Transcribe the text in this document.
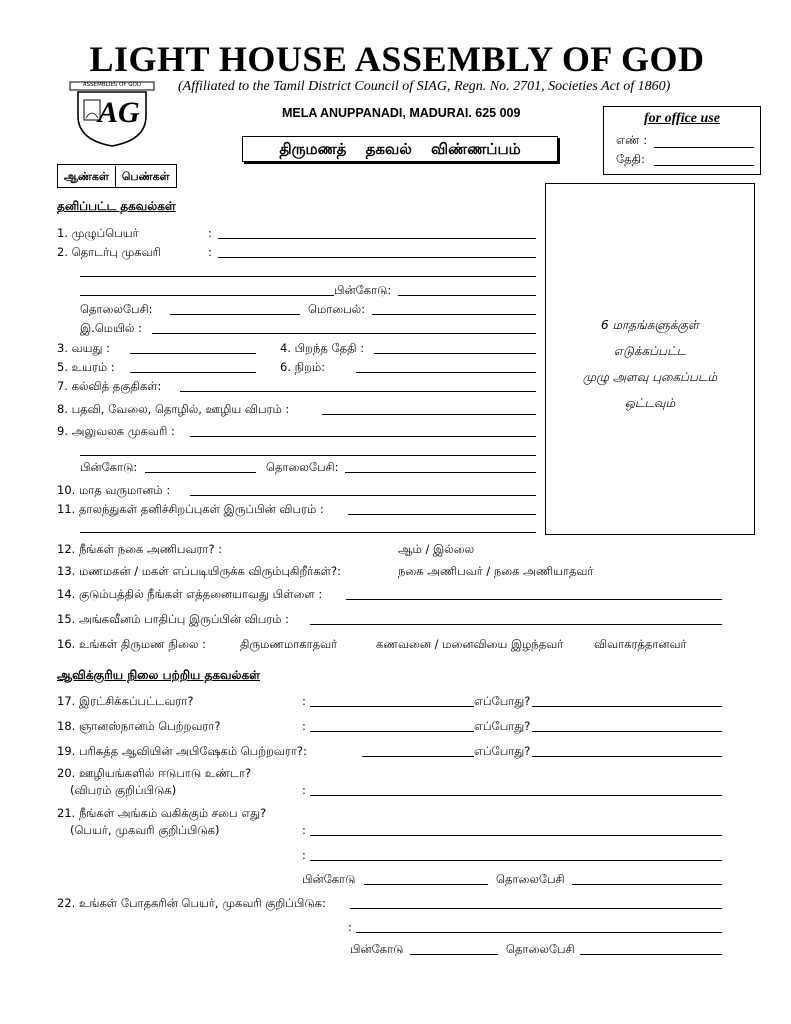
LIGHT HOUSE ASSEMBLY OF GOD
(Affiliated to the Tamil District Council of SIAG, Regn. No. 2701, Societies Act of 1860)
MELA ANUPPANADI, MADURAI. 625 009
ASSEMBLIES OF GOD
AG	for office use
எண் :
தேதி:
திருமணத் தகவல் விண்ணப்பம்
ஆண்கள் பெண்கள்
6 மாதங்களுக்குள்
எடுக்கப்பட்ட
முழு அளவு புகைப்படம்
ஒட்டவும்
தனிப்பட்ட தகவல்கள்
1. முழுப்பெயர்	:
2. தொடர்பு முகவரி	:
பின்கோடு:
தொலைபேசி:	மொபைல்:
இ.மெயில் :
3. வயது :	4. பிறந்த தேதி :
5. உயரம் :	6. நிறம்:
7. கல்வித் தகுதிகள்:
8. பதவி, வேலை, தொழில், ஊழிய விபரம் :
9. அலுவலக முகவரி :
பின்கோடு:	தொலைபேசி:
10. மாத வருமானம் :
11. தாலந்துகள் தனிச்சிறப்புகள் இருப்பின் விபரம் :
12. நீங்கள் நகை அணிபவரா? :	ஆம் / இல்லை
13. மணமகன் / மகள் எப்படியிருக்க விரும்புகிறீர்கள்?:	நகை அணிபவர் / நகை அணியாதவர்
14. குடும்பத்தில் நீங்கள் எத்தனையாவது பிள்ளை :
15. அங்கவீனம் பாதிப்பு இருப்பின் விபரம் :
16. உங்கள் திருமண நிலை :	திருமணமாகாதவர்	கணவனை / மனைவியை இழந்தவர்	விவாகரத்தானவர்
ஆவிக்குரிய நிலை பற்றிய தகவல்கள்
17. இரட்சிக்கப்பட்டவரா?	:	எப்போது?
18. ஞானஸ்நானம் பெற்றவரா?	:	எப்போது?
19. பரிசுத்த ஆவியின் அபிஷேகம் பெற்றவரா?:	எப்போது?
20. ஊழியங்களில் ஈடுபாடு உண்டா?
(விபரம் குறிப்பிடுக)	:
21. நீங்கள் அங்கம் வகிக்கும் சபை எது?
(பெயர், முகவரி குறிப்பிடுக)	:
:
பின்கோடு	தொலைபேசி
22. உங்கள் போதகரின் பெயர், முகவரி குறிப்பிடுக:
:
பின்கோடு	தொலைபேசி
